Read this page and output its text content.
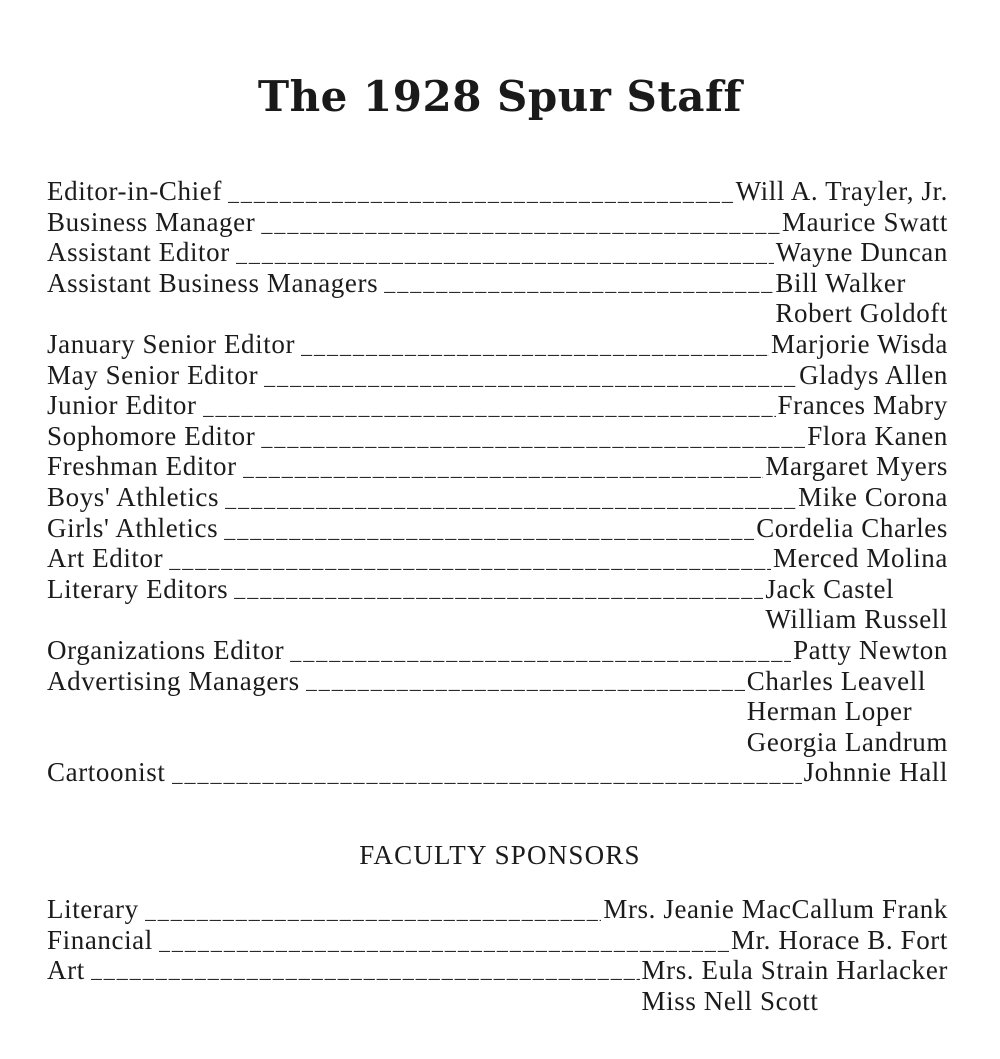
The 1928 Spur Staff
Editor-in-Chief _____	Will A. Trayler, Jr.
Business Manager _____	Maurice Swatt
Assistant Editor _____	Wayne Duncan
Assistant Business Managers _____	Bill Walker
Robert Goldoft
January Senior Editor _____	Marjorie Wisda
May Senior Editor _____	Gladys Allen
Junior Editor _____	Frances Mabry
Sophomore Editor _____	Flora Kanen
Freshman Editor _____	Margaret Myers
Boys' Athletics _____	Mike Corona
Girls' Athletics _____	Cordelia Charles
Art Editor _____	Merced Molina
Literary Editors _____	Jack Castel
William Russell
Organizations Editor _____	Patty Newton
Advertising Managers _____	Charles Leavell
Herman Loper
Georgia Landrum
Cartoonist _____	Johnnie Hall
FACULTY SPONSORS
Literary _____	Mrs. Jeanie MacCallum Frank
Financial _____	Mr. Horace B. Fort
Art _____	Mrs. Eula Strain Harlacker
Miss Nell Scott
